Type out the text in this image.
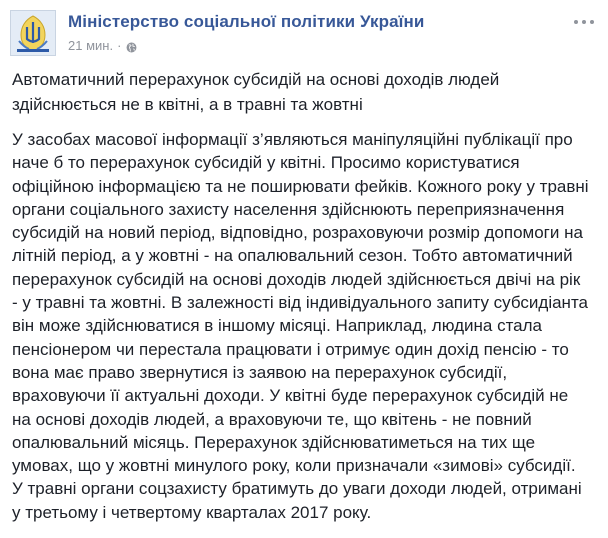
Міністерство соціальної політики України
21 мин. ·

Автоматичний перерахунок субсидій на основі доходів людей
здійснюється не в квітні, а в травні та жовтні

У засобах масової інформації з’являються маніпуляційні публікації про
наче б то перерахунок субсидій у квітні. Просимо користуватися
офіційною інформацією та не поширювати фейків. Кожного року у травні
органи соціального захисту населення здійснюють переприязначення
субсидій на новий період, відповідно, розраховуючи розмір допомоги на
літній період, а у жовтні - на опалювальний сезон. Тобто автоматичний
перерахунок субсидій на основі доходів людей здійснюється двічі на рік
- у травні та жовтні. В залежності від індивідуального запиту субсидіанта
він може здійснюватися в іншому місяці. Наприклад, людина стала
пенсіонером чи перестала працювати і отримує один дохід пенсію - то
вона має право звернутися із заявою на перерахунок субсидії,
враховуючи її актуальні доходи. У квітні буде перерахунок субсидій не
на основі доходів людей, а враховуючи те, що квітень - не повний
опалювальний місяць. Перерахунок здійснюватиметься на тих ще
умовах, що у жовтні минулого року, коли призначали «зимові» субсидії.
У травні органи соцзахисту братимуть до уваги доходи людей, отримані
у третьому і четвертому кварталах 2017 року.
